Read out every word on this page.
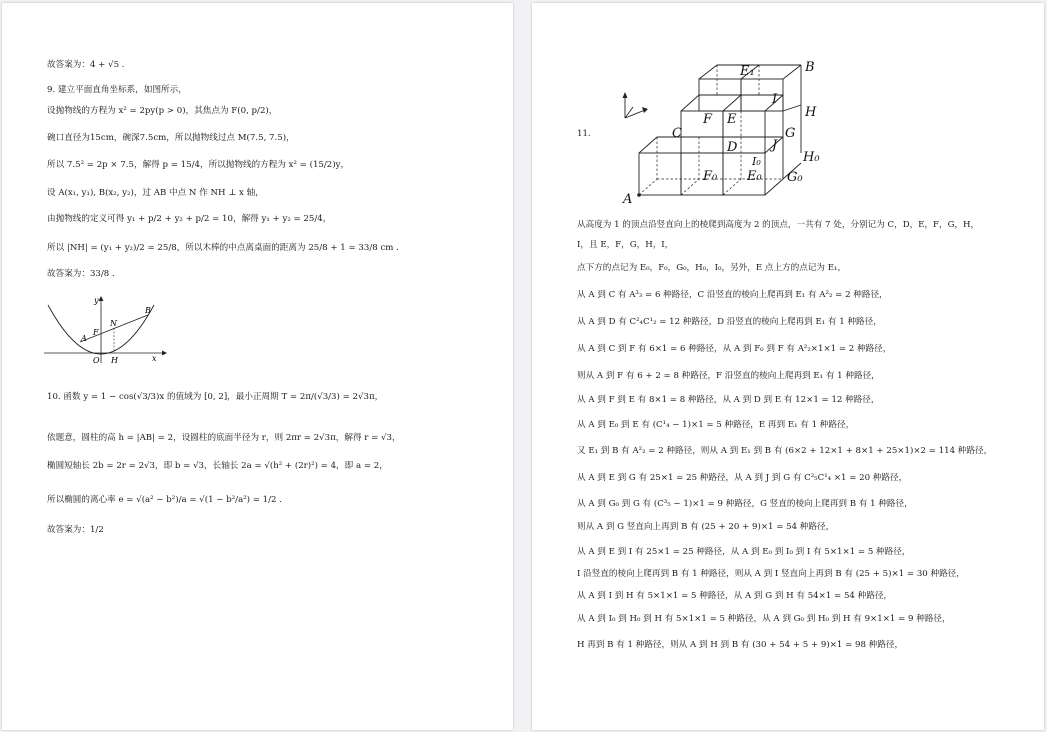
故答案为：4 + √5 .
9. 建立平面直角坐标系，如图所示，
设抛物线的方程为 x² = 2py(p > 0)，其焦点为 F(0, p/2)，
碗口直径为15cm，碗深7.5cm，所以抛物线过点 M(7.5, 7.5)，
所以 7.5² = 2p × 7.5，解得 p = 15/4，所以抛物线的方程为 x² = (15/2)y，
设 A(x₁, y₁), B(x₂, y₂)，过 AB 中点 N 作 NH ⊥ x 轴，
由抛物线的定义可得 y₁ + p/2 + y₂ + p/2 = 10，解得 y₁ + y₂ = 25/4，
所以 |NH| = (y₁ + y₂)/2 = 25/8，所以木棒的中点离桌面的距离为 25/8 + 1 = 33/8 cm .
故答案为：33/8 .
y
x
O H
A
B
N
F
10. 函数 y = 1 − cos(√3/3)x 的值域为 [0, 2]，最小正周期 T = 2π/(√3/3) = 2√3π，
依题意，圆柱的高 h = |AB| = 2，设圆柱的底面半径为 r，则 2πr = 2√3π，解得 r = √3，
椭圆短轴长 2b = 2r = 2√3，即 b = √3，长轴长 2a = √(h² + (2r)²) = 4，即 a = 2，
所以椭圆的离心率 e = √(a² − b²)/a = √(1 − b²/a²) = 1/2 .
故答案为：1/2
11.
E₁	B
I
H
F E
C	G
J
D
H₀
I₀
F₀ E₀ G₀
A
从高度为 1 的顶点沿竖直向上的棱爬到高度为 2 的顶点，一共有 7 处，分别记为 C，D，E，F，G，H，
I，且 E，F，G，H，I，
点下方的点记为 E₀，F₀，G₀，H₀，I₀，另外，E 点上方的点记为 E₁，
从 A 到 C 有 A³₃ = 6 种路径，C 沿竖直的棱向上爬再到 E₁ 有 A²₂ = 2 种路径，
从 A 到 D 有 C²₄C¹₂ = 12 种路径，D 沿竖直的棱向上爬再到 E₁ 有 1 种路径，
从 A 到 C 到 F 有 6×1 = 6 种路径，从 A 到 F₀ 到 F 有 A²₂×1×1 = 2 种路径，
则从 A 到 F 有 6 + 2 = 8 种路径，F 沿竖直的棱向上爬再到 E₁ 有 1 种路径，
从 A 到 F 到 E 有 8×1 = 8 种路径，从 A 到 D 到 E 有 12×1 = 12 种路径，
从 A 到 E₀ 到 E 有 (C¹₄ − 1)×1 = 5 种路径，E 再到 E₁ 有 1 种路径，
又 E₁ 到 B 有 A²₂ = 2 种路径，则从 A 到 E₁ 到 B 有 (6×2 + 12×1 + 8×1 + 25×1)×2 = 114 种路径，
从 A 到 E 到 G 有 25×1 = 25 种路径，从 A 到 J 到 G 有 C²₅C¹₄ ×1 = 20 种路径，
从 A 到 G₀ 到 G 有 (C³₅ − 1)×1 = 9 种路径，G 竖直的棱向上爬再到 B 有 1 种路径，
则从 A 到 G 竖直向上再到 B 有 (25 + 20 + 9)×1 = 54 种路径，
从 A 到 E 到 I 有 25×1 = 25 种路径，从 A 到 E₀ 到 I₀ 到 I 有 5×1×1 = 5 种路径，
I 沿竖直的棱向上爬再到 B 有 1 种路径，则从 A 到 I 竖直向上再到 B 有 (25 + 5)×1 = 30 种路径，
从 A 到 I 到 H 有 5×1×1 = 5 种路径，从 A 到 G 到 H 有 54×1 = 54 种路径，
从 A 到 I₀ 到 H₀ 到 H 有 5×1×1 = 5 种路径，从 A 到 G₀ 到 H₀ 到 H 有 9×1×1 = 9 种路径，
H 再到 B 有 1 种路径，则从 A 到 H 到 B 有 (30 + 54 + 5 + 9)×1 = 98 种路径，
